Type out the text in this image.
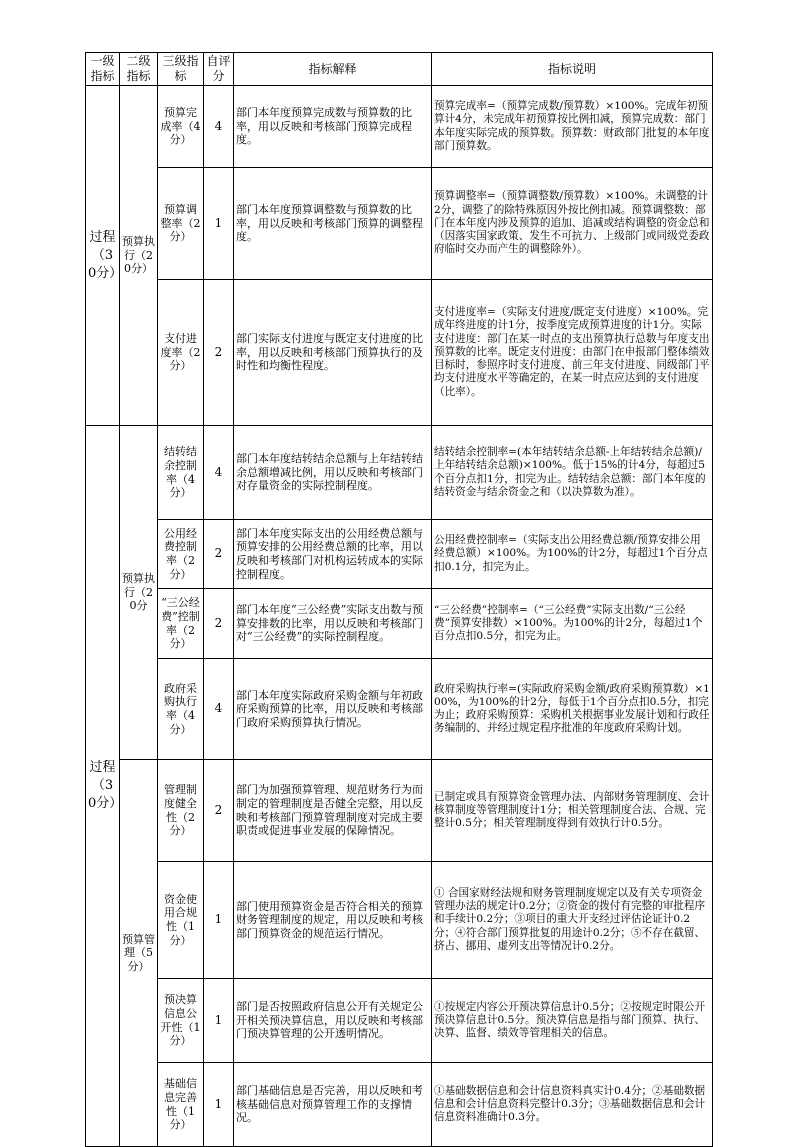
一级指标	二级指标	三级指标	自评分	指标解释	指标说明
过程（30分）	预算执行（20分）	预算完成率（4分）	4	部门本年度预算完成数与预算数的比率，用以反映和考核部门预算完成程度。	预算完成率=（预算完成数/预算数）×100%。完成年初预算计4分，未完成年初预算按比例扣减，预算完成数：部门本年度实际完成的预算数。预算数：财政部门批复的本年度部门预算数。
		预算调整率（2分）	1	部门本年度预算调整数与预算数的比率，用以反映和考核部门预算的调整程度。	预算调整率=（预算调整数/预算数）×100%。未调整的计2分，调整了的除特殊原因外按比例扣减。预算调整数：部门在本年度内涉及预算的追加、追减或结构调整的资金总和（因落实国家政策、发生不可抗力、上级部门或同级党委政府临时交办而产生的调整除外）。
		支付进度率（2分）	2	部门实际支付进度与既定支付进度的比率，用以反映和考核部门预算执行的及时性和均衡性程度。	支付进度率=（实际支付进度/既定支付进度）×100%。完成年终进度的计1分，按季度完成预算进度的计1分。实际支付进度：部门在某一时点的支出预算执行总数与年度支出预算数的比率。既定支付进度：由部门在申报部门整体绩效目标时，参照序时支付进度、前三年支付进度、同级部门平均支付进度水平等确定的，在某一时点应达到的支付进度（比率）。
过程（30分）	预算执行（20分	结转结余控制率（4分）	4	部门本年度结转结余总额与上年结转结余总额增减比例，用以反映和考核部门对存量资金的实际控制程度。	结转结余控制率=(本年结转结余总额-上年结转结余总额)/上年结转结余总额)×100%。低于15%的计4分，每超过5个百分点扣1分，扣完为止。结转结余总额：部门本年度的结转资金与结余资金之和（以决算数为准）。
		公用经费控制率（2分）	2	部门本年度实际支出的公用经费总额与预算安排的公用经费总额的比率，用以反映和考核部门对机构运转成本的实际控制程度。	公用经费控制率=（实际支出公用经费总额/预算安排公用经费总额）×100%。为100%的计2分，每超过1个百分点扣0.1分，扣完为止。
		“三公经费”控制率（2分）	2	部门本年度“三公经费”实际支出数与预算安排数的比率，用以反映和考核部门对“三公经费”的实际控制程度。	“三公经费”控制率=（“三公经费”实际支出数/“三公经费”预算安排数）×100%。为100%的计2分，每超过1个百分点扣0.5分，扣完为止。
		政府采购执行率（4分）	4	部门本年度实际政府采购金额与年初政府采购预算的比率，用以反映和考核部门政府采购预算执行情况。	政府采购执行率=(实际政府采购金额/政府采购预算数）×100%，为100%的计2分，每低于1个百分点扣0.5分，扣完为止；政府采购预算：采购机关根据事业发展计划和行政任务编制的、并经过规定程序批准的年度政府采购计划。
	预算管理（5分）	管理制度健全性（2分）	2	部门为加强预算管理、规范财务行为而制定的管理制度是否健全完整，用以反映和考核部门预算管理制度对完成主要职责或促进事业发展的保障情况。	已制定或具有预算资金管理办法、内部财务管理制度、会计核算制度等管理制度计1分；相关管理制度合法、合规、完整计0.5分；相关管理制度得到有效执行计0.5分。
		资金使用合规性（1分）	1	部门使用预算资金是否符合相关的预算财务管理制度的规定，用以反映和考核部门预算资金的规范运行情况。	① 合国家财经法规和财务管理制度规定以及有关专项资金管理办法的规定计0.2分；②资金的拨付有完整的审批程序和手续计0.2分；③项目的重大开支经过评估论证计0.2分；④符合部门预算批复的用途计0.2分；⑤不存在截留、挤占、挪用、虚列支出等情况计0.2分。
		预决算信息公开性（1分）	1	部门是否按照政府信息公开有关规定公开相关预决算信息，用以反映和考核部门预决算管理的公开透明情况。	①按规定内容公开预决算信息计0.5分；②按规定时限公开预决算信息计0.5分。预决算信息是指与部门预算、执行、决算、监督、绩效等管理相关的信息。
		基础信息完善性（1分）	1	部门基础信息是否完善，用以反映和考核基础信息对预算管理工作的支撑情况。	①基础数据信息和会计信息资料真实计0.4分；②基础数据信息和会计信息资料完整计0.3分；③基础数据信息和会计信息资料准确计0.3分。
